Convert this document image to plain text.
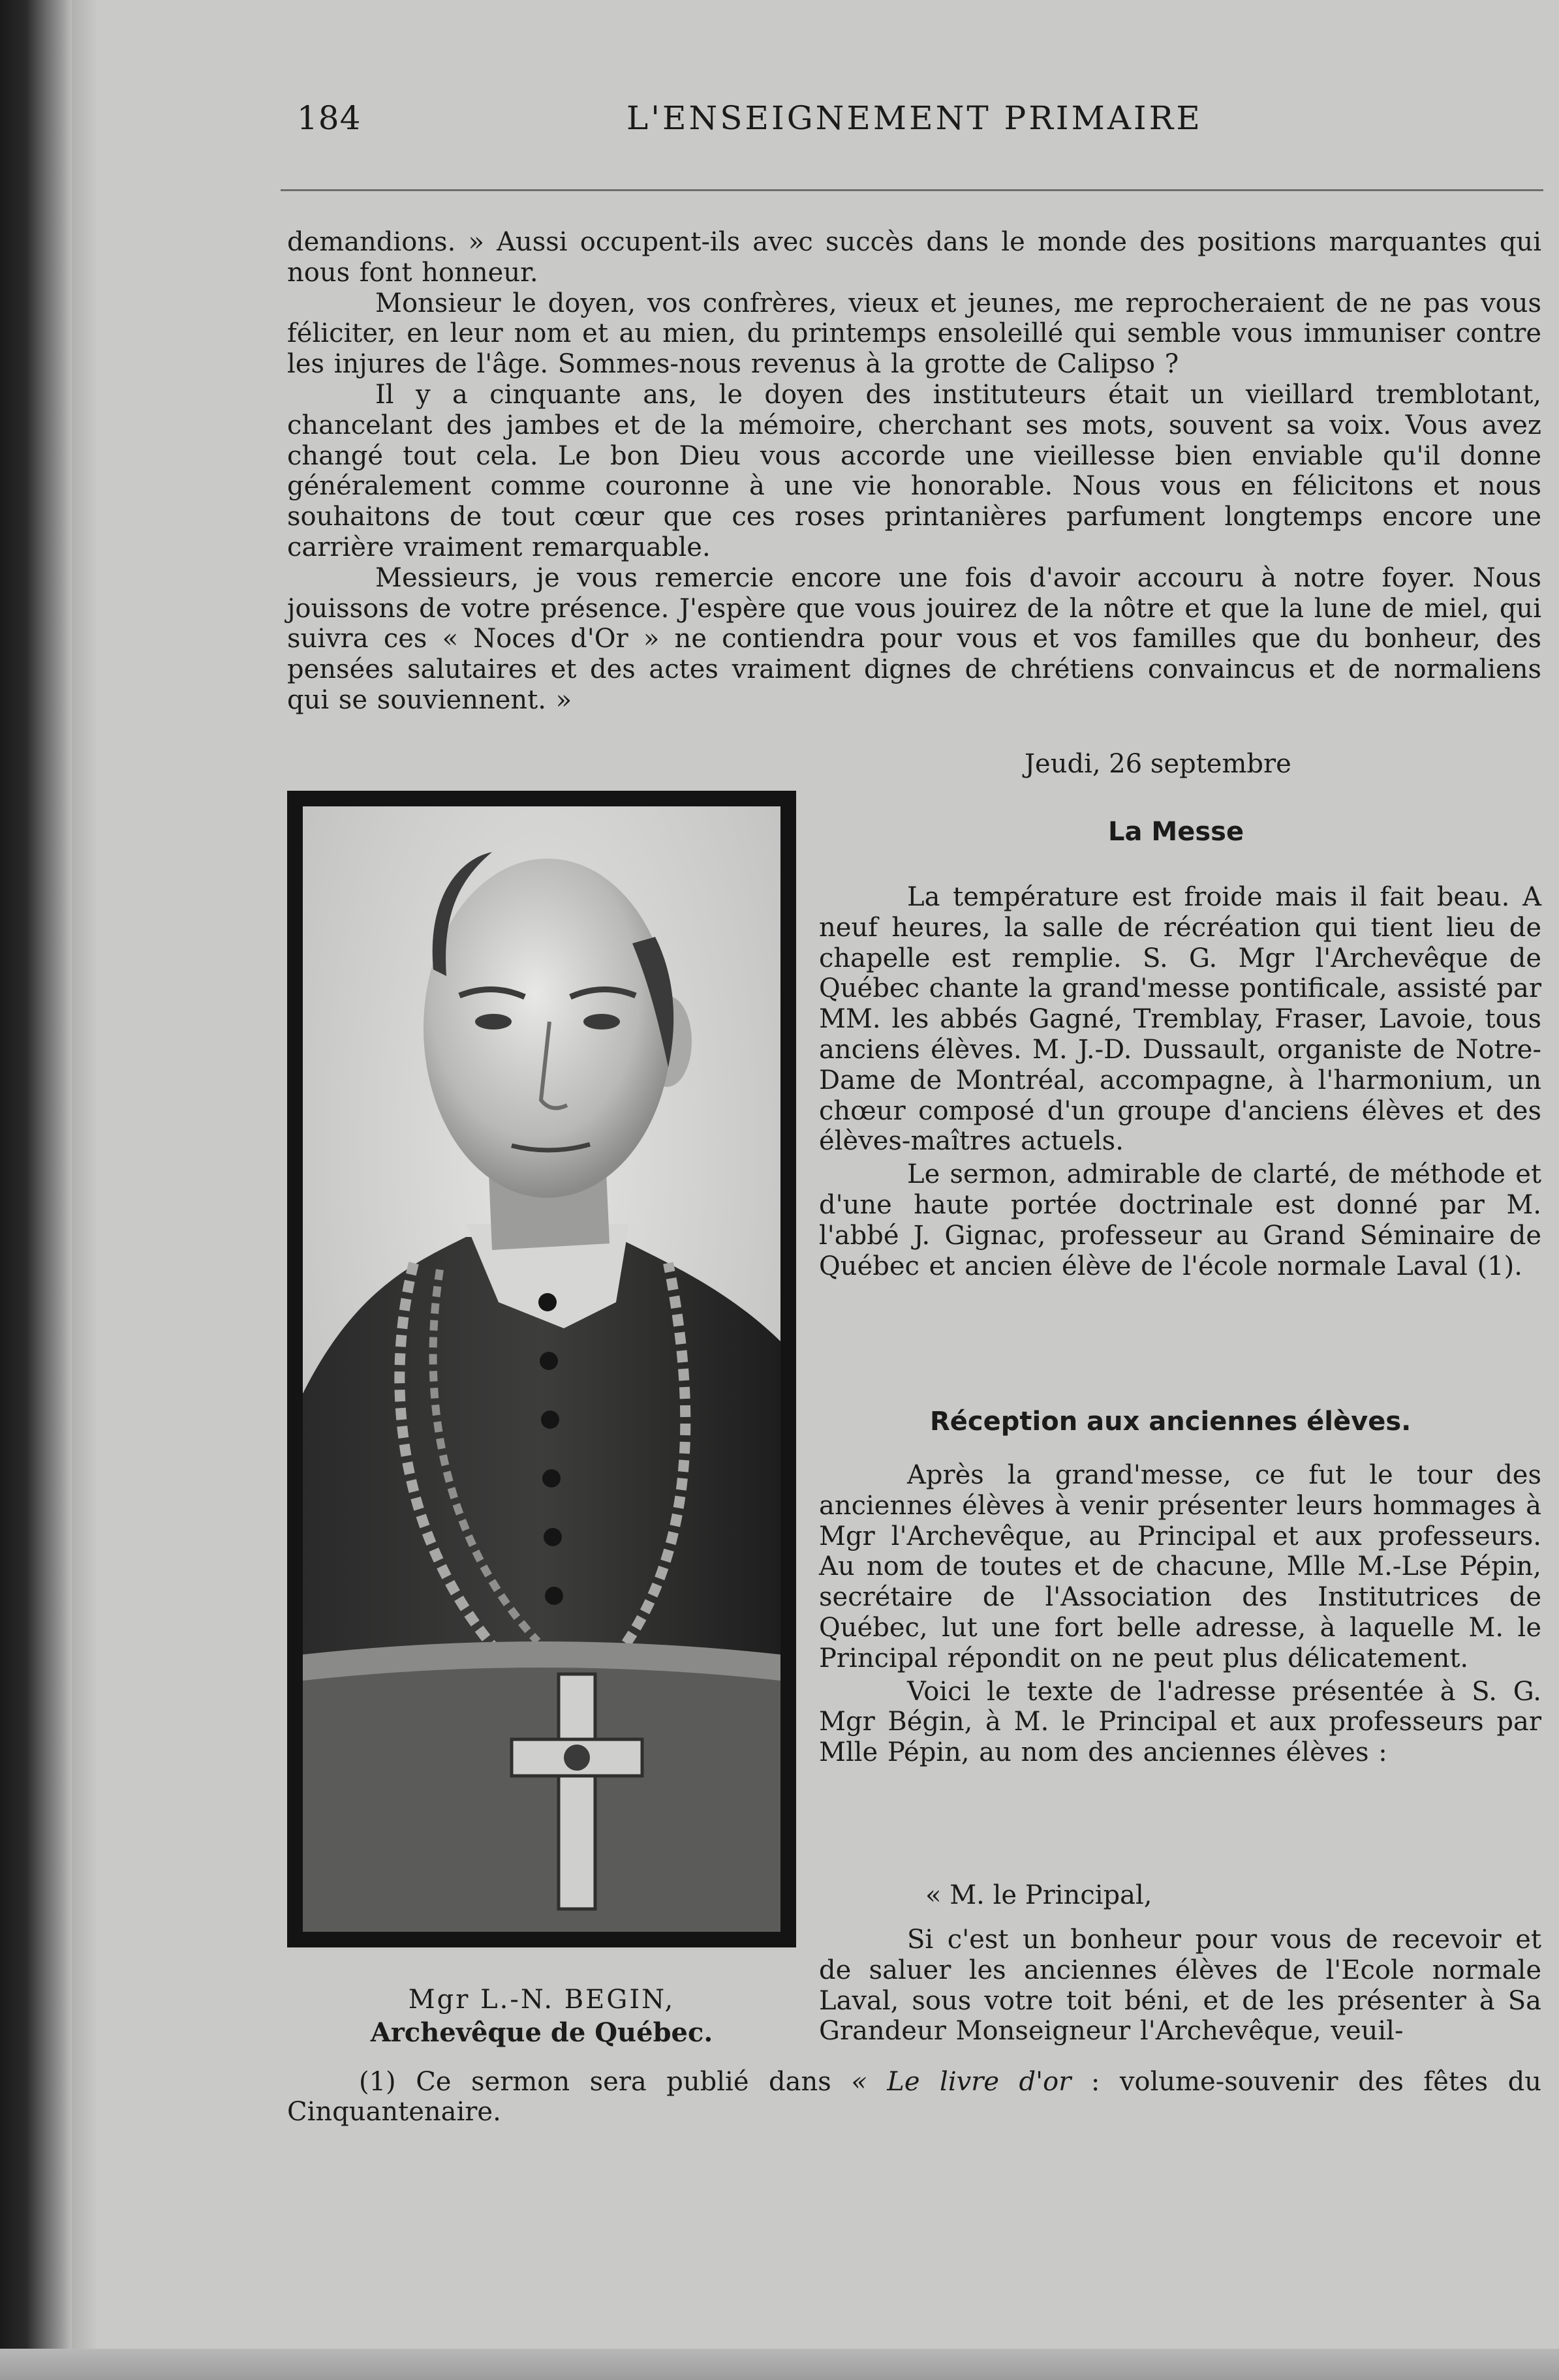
184	L'ENSEIGNEMENT PRIMAIRE

demandions. » Aussi occupent-ils avec succès dans le monde des positions marquantes qui nous font honneur.

Monsieur le doyen, vos confrères, vieux et jeunes, me reprocheraient de ne pas vous féliciter, en leur nom et au mien, du printemps ensoleillé qui semble vous immuniser contre les injures de l'âge. Sommes-nous revenus à la grotte de Calipso ?

Il y a cinquante ans, le doyen des instituteurs était un vieillard tremblotant, chancelant des jambes et de la mémoire, cherchant ses mots, souvent sa voix. Vous avez changé tout cela. Le bon Dieu vous accorde une vieillesse bien enviable qu'il donne généralement comme couronne à une vie honorable. Nous vous en félicitons et nous souhaitons de tout cœur que ces roses printanières parfument longtemps encore une carrière vraiment remarquable.

Messieurs, je vous remercie encore une fois d'avoir accouru à notre foyer. Nous jouissons de votre présence. J'espère que vous jouirez de la nôtre et que la lune de miel, qui suivra ces « Noces d'Or » ne contiendra pour vous et vos familles que du bonheur, des pensées salutaires et des actes vraiment dignes de chrétiens convaincus et de normaliens qui se souviennent. »

Jeudi, 26 septembre
Mgr L.-N. BEGIN,
Archevêque de Québec.
La Messe

La température est froide mais il fait beau. A neuf heures, la salle de récréation qui tient lieu de chapelle est remplie. S. G. Mgr l'Archevêque de Québec chante la grand'messe pontificale, assisté par MM. les abbés Gagné, Tremblay, Fraser, Lavoie, tous anciens élèves. M. J.-D. Dussault, organiste de Notre-Dame de Montréal, accompagne, à l'harmonium, un chœur composé d'un groupe d'anciens élèves et des élèves-maîtres actuels.

Le sermon, admirable de clarté, de méthode et d'une haute portée doctrinale est donné par M. l'abbé J. Gignac, professeur au Grand Séminaire de Québec et ancien élève de l'école normale Laval (1).

Réception aux anciennes élèves.

Après la grand'messe, ce fut le tour des anciennes élèves à venir présenter leurs hommages à Mgr l'Archevêque, au Principal et aux professeurs. Au nom de toutes et de chacune, Mlle M.-Lse Pépin, secrétaire de l'Association des Institutrices de Québec, lut une fort belle adresse, à laquelle M. le Principal répondit on ne peut plus délicatement.

Voici le texte de l'adresse présentée à S. G. Mgr Bégin, à M. le Principal et aux professeurs par Mlle Pépin, au nom des anciennes élèves :

« M. le Principal,

Si c'est un bonheur pour vous de recevoir et de saluer les anciennes élèves de l'Ecole normale Laval, sous votre toit béni, et de les présenter à Sa Grandeur Monseigneur l'Archevêque, veuil-

(1) Ce sermon sera publié dans « Le livre d'or : volume-souvenir des fêtes du Cinquantenaire.
